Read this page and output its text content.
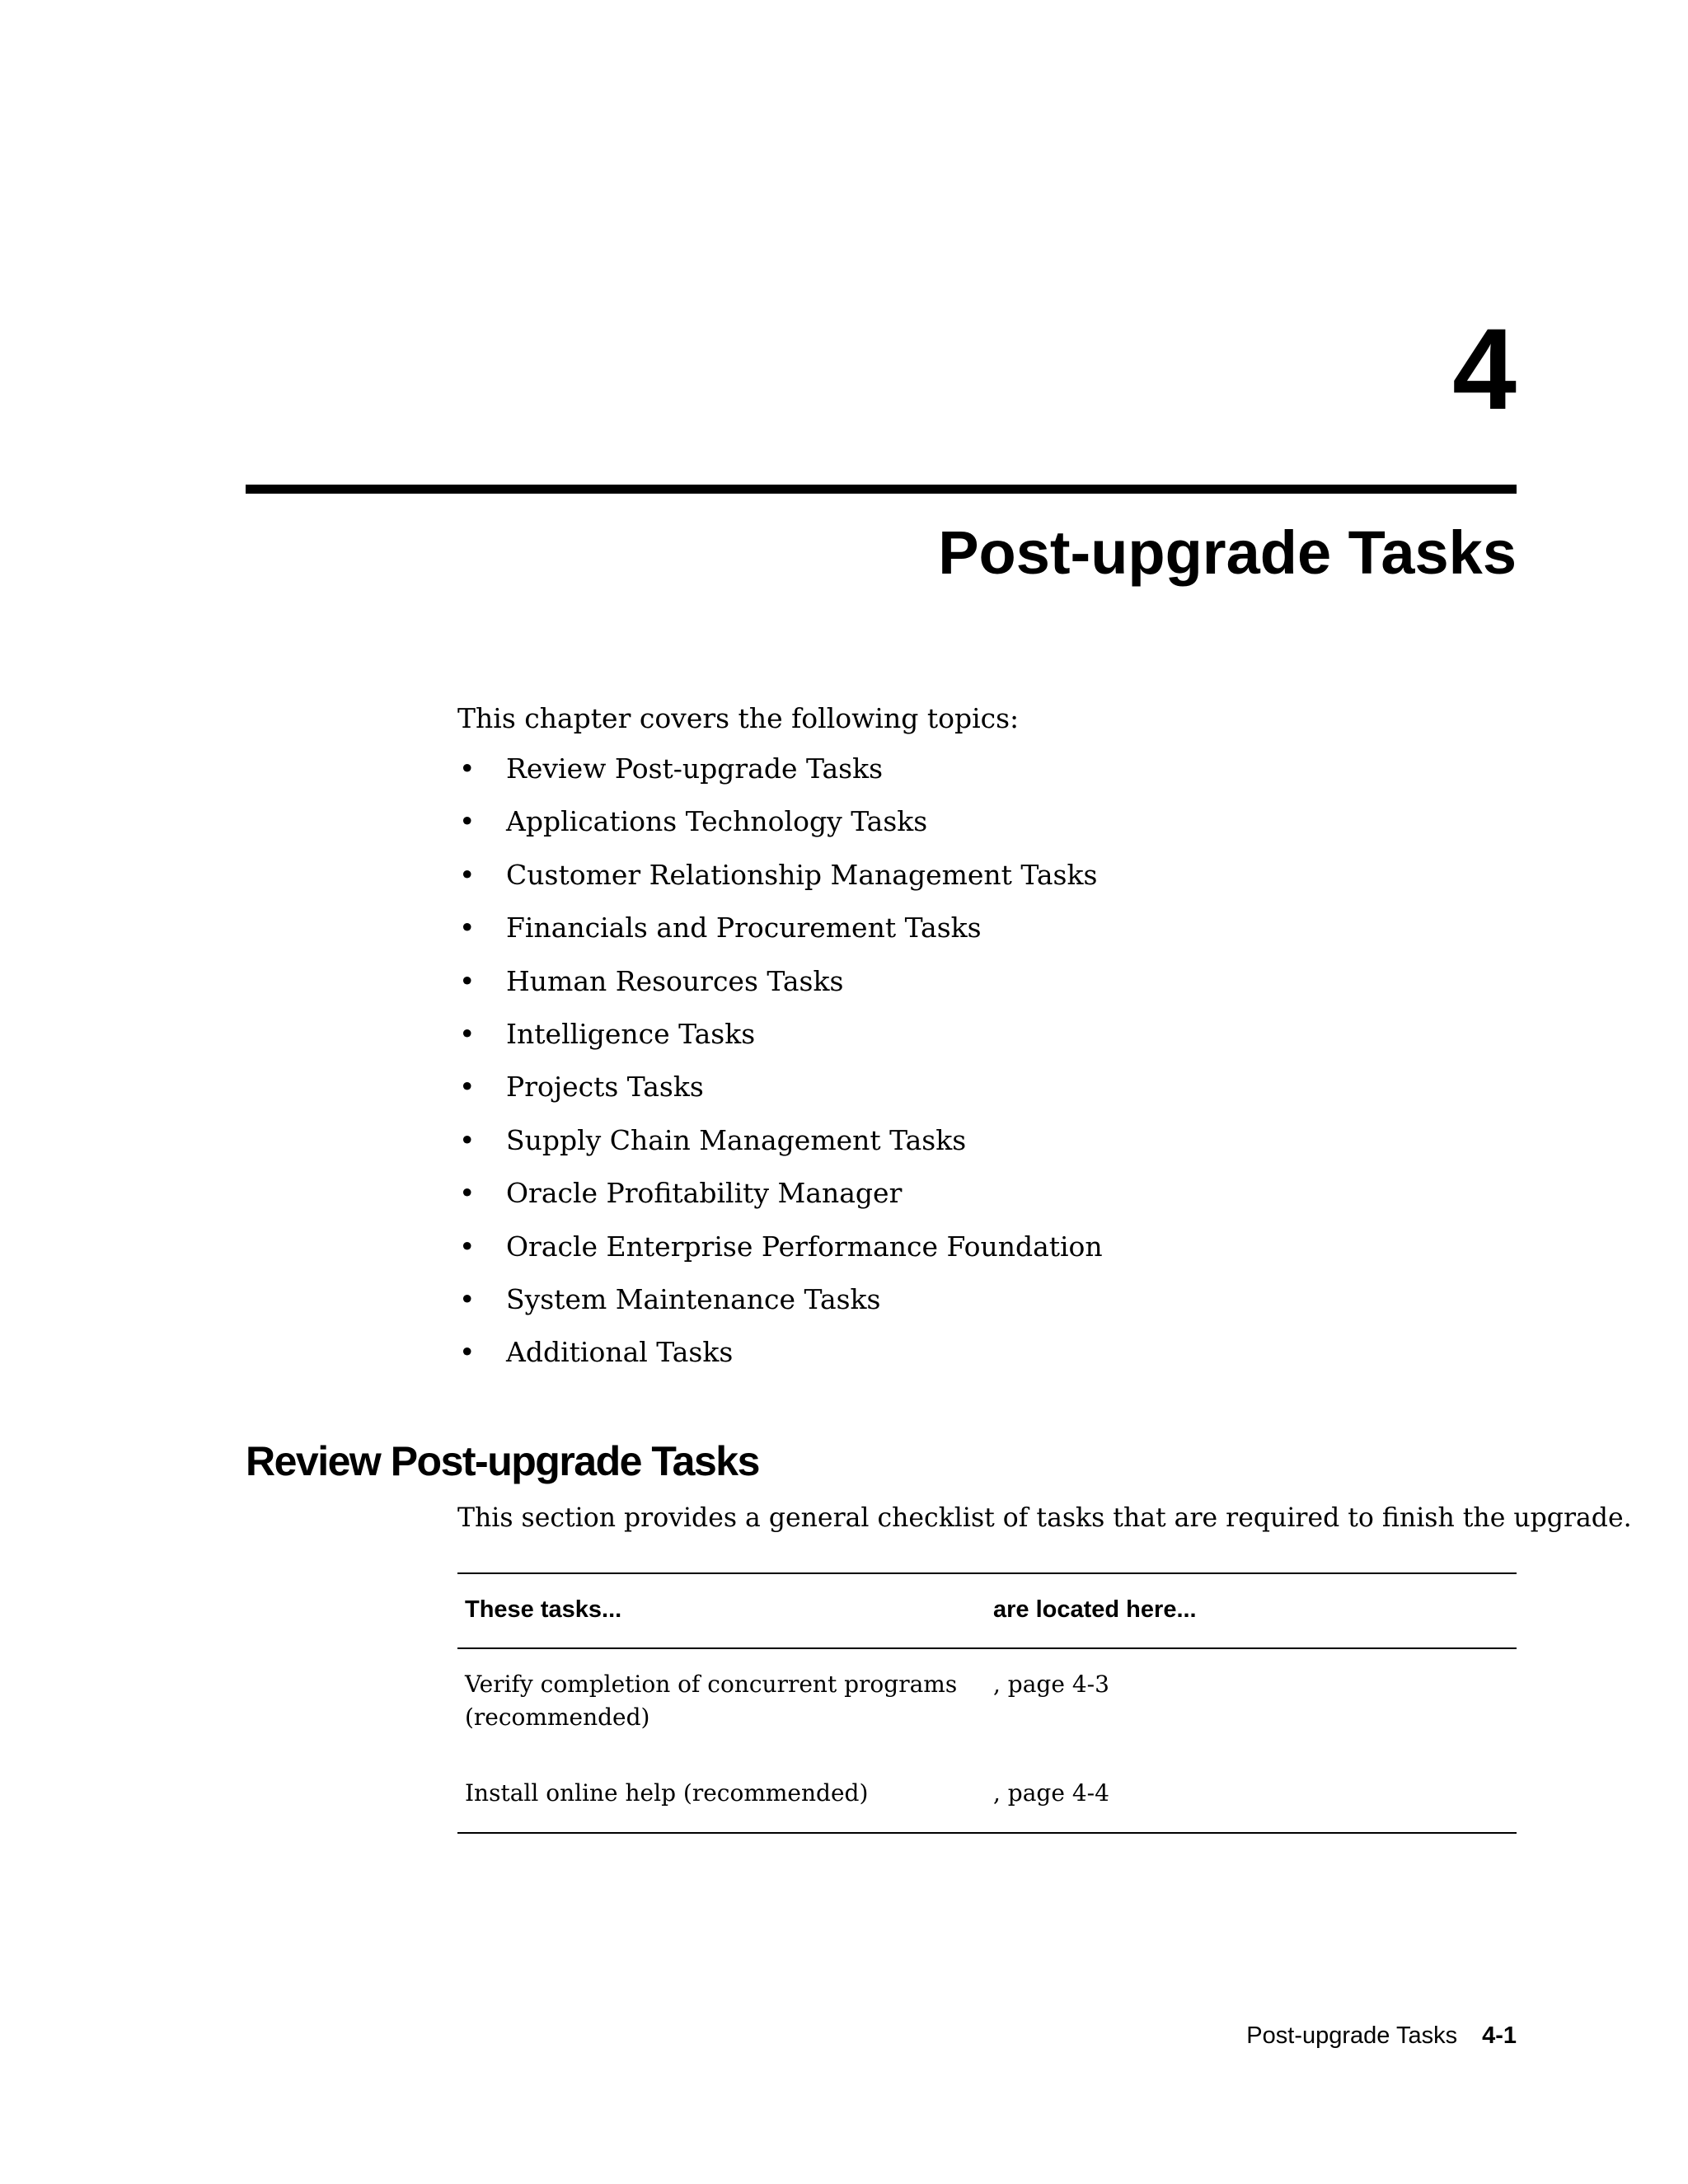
4
Post-upgrade Tasks

This chapter covers the following topics:

• Review Post-upgrade Tasks
• Applications Technology Tasks
• Customer Relationship Management Tasks
• Financials and Procurement Tasks
• Human Resources Tasks
• Intelligence Tasks
• Projects Tasks
• Supply Chain Management Tasks
• Oracle Profitability Manager
• Oracle Enterprise Performance Foundation
• System Maintenance Tasks
• Additional Tasks
Review Post-upgrade Tasks

This section provides a general checklist of tasks that are required to finish the upgrade.

These tasks...	are located here...
Verify completion of concurrent programs (recommended)
, page 4-3
Install online help (recommended)	, page 4-4
Post-upgrade Tasks 4-1
